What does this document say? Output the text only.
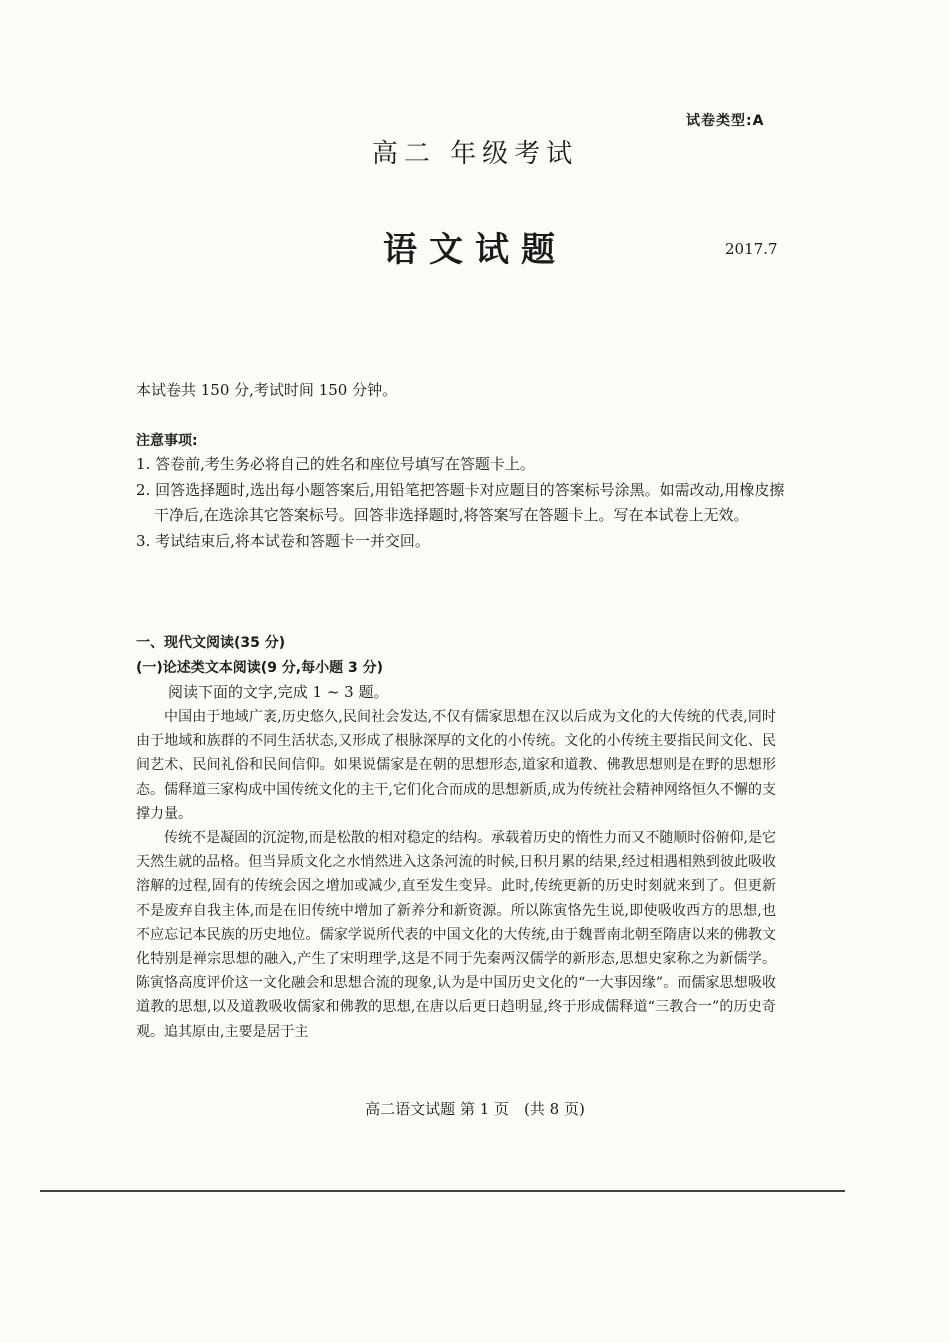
试卷类型:A
高二 年级考试
语文试题	2017.7
本试卷共 150 分,考试时间 150 分钟。
注意事项:

1. 答卷前,考生务必将自己的姓名和座位号填写在答题卡上。

2. 回答选择题时,选出每小题答案后,用铅笔把答题卡对应题目的答案标号涂黑。如需改动,用橡皮擦干净后,在选涂其它答案标号。回答非选择题时,将答案写在答题卡上。写在本试卷上无效。

3. 考试结束后,将本试卷和答题卡一并交回。

一、现代文阅读(35 分)
(一)论述类文本阅读(9 分,每小题 3 分)
阅读下面的文字,完成 1 ~ 3 题。

中国由于地域广袤,历史悠久,民间社会发达,不仅有儒家思想在汉以后成为文化的大传统的代表,同时由于地域和族群的不同生活状态,又形成了根脉深厚的文化的小传统。文化的小传统主要指民间文化、民间艺术、民间礼俗和民间信仰。如果说儒家是在朝的思想形态,道家和道教、佛教思想则是在野的思想形态。儒释道三家构成中国传统文化的主干,它们化合而成的思想新质,成为传统社会精神网络恒久不懈的支撑力量。

传统不是凝固的沉淀物,而是松散的相对稳定的结构。承载着历史的惰性力而又不随顺时俗俯仰,是它天然生就的品格。但当异质文化之水悄然进入这条河流的时候,日积月累的结果,经过相遇相熟到彼此吸收溶解的过程,固有的传统会因之增加或减少,直至发生变异。此时,传统更新的历史时刻就来到了。但更新不是废弃自我主体,而是在旧传统中增加了新养分和新资源。所以陈寅恪先生说,即使吸收西方的思想,也不应忘记本民族的历史地位。儒家学说所代表的中国文化的大传统,由于魏晋南北朝至隋唐以来的佛教文化特别是禅宗思想的融入,产生了宋明理学,这是不同于先秦两汉儒学的新形态,思想史家称之为新儒学。陈寅恪高度评价这一文化融会和思想合流的现象,认为是中国历史文化的“一大事因缘”。而儒家思想吸收道教的思想,以及道教吸收儒家和佛教的思想,在唐以后更日趋明显,终于形成儒释道“三教合一”的历史奇观。追其原由,主要是居于主

高二语文试题 第 1 页　(共 8 页)
